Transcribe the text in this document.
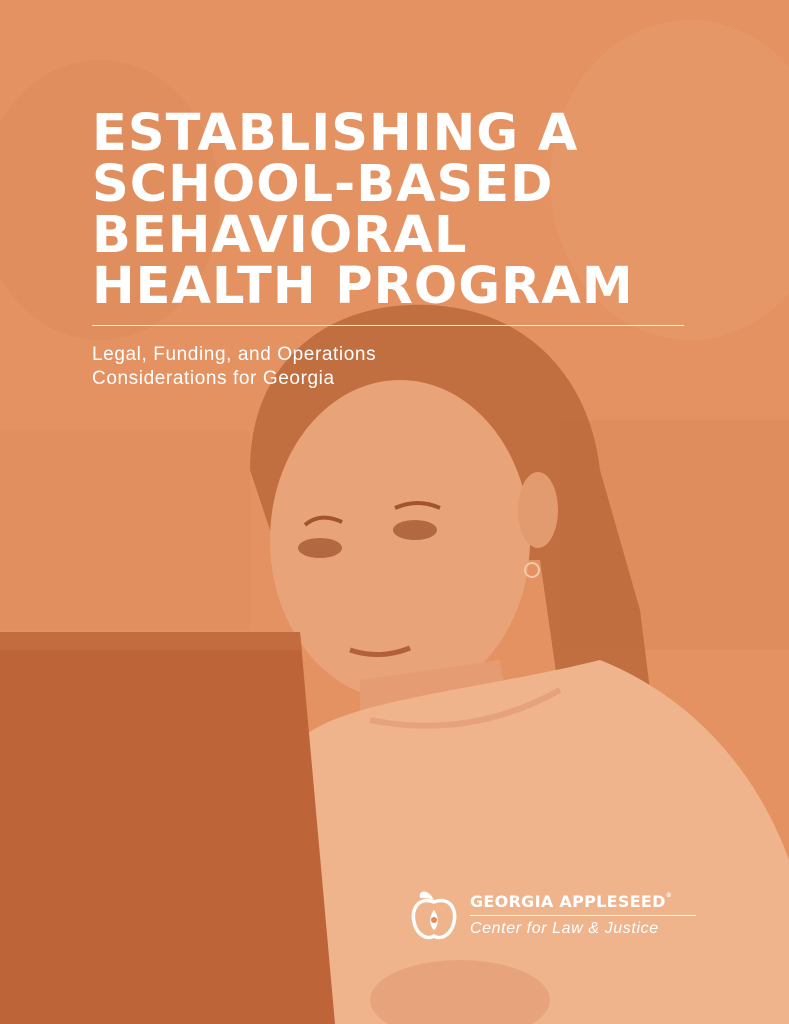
ESTABLISHING A
SCHOOL-BASED
BEHAVIORAL
HEALTH PROGRAM
Legal, Funding, and Operations
Considerations for Georgia
GEORGIA APPLESEED®
Center for Law & Justice
